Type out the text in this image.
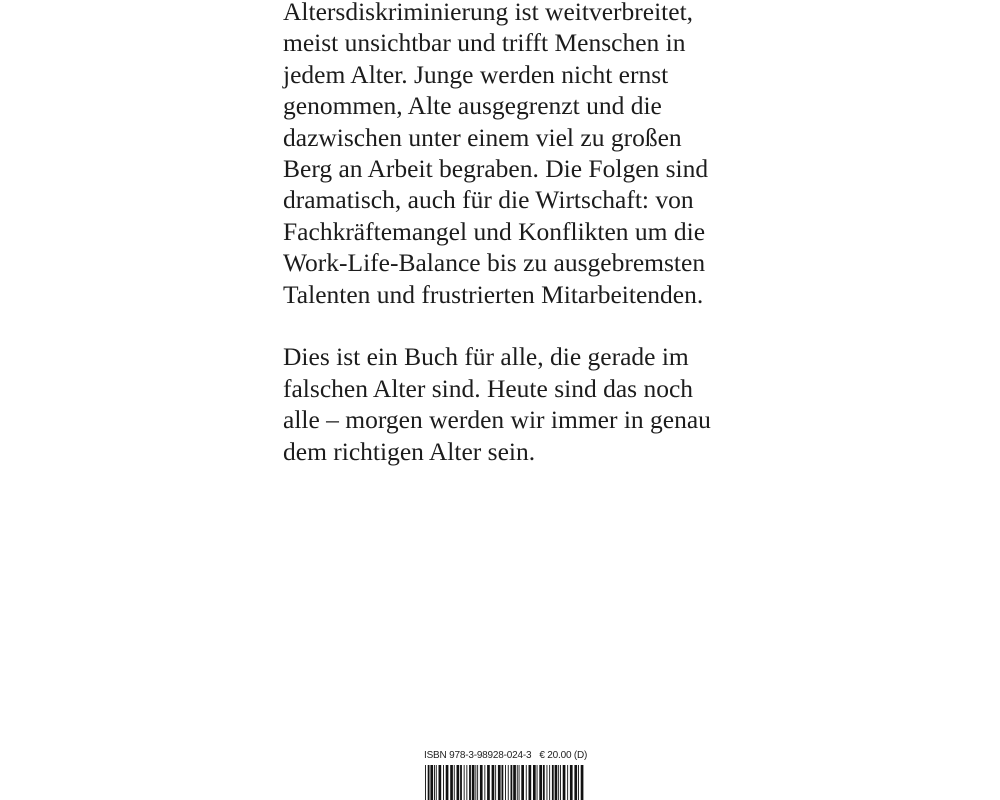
Altersdiskriminierung ist weitverbreitet,
meist unsichtbar und trifft Menschen in
jedem Alter. Junge werden nicht ernst
genommen, Alte ausgegrenzt und die
dazwischen unter einem viel zu großen
Berg an Arbeit begraben. Die Folgen sind
dramatisch, auch für die Wirtschaft: von
Fachkräftemangel und Konflikten um die
Work-Life-Balance bis zu ausgebremsten
Talenten und frustrierten Mitarbeitenden.

Dies ist ein Buch für alle, die gerade im
falschen Alter sind. Heute sind das noch
alle – morgen werden wir immer in genau
dem richtigen Alter sein.

ISBN 978-3-98928-024-3 € 20.00 (D)
